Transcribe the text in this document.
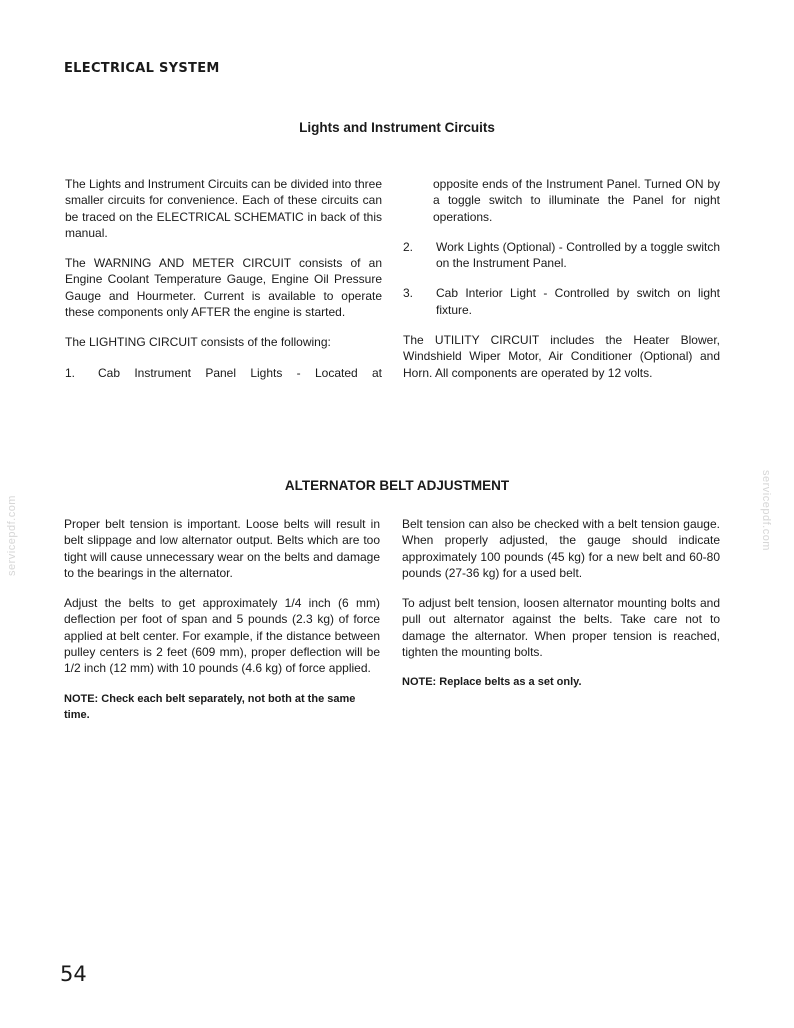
ELECTRICAL SYSTEM
Lights and Instrument Circuits

The Lights and Instrument Circuits can be divided into three smaller circuits for convenience. Each of these circuits can be traced on the ELECTRICAL SCHEMATIC in back of this manual.

The WARNING AND METER CIRCUIT consists of an Engine Coolant Temperature Gauge, Engine Oil Pressure Gauge and Hourmeter. Current is available to operate these components only AFTER the engine is started.

The LIGHTING CIRCUIT consists of the following:

1.	Cab Instrument Panel Lights - Located at

opposite ends of the Instrument Panel. Turned ON by a toggle switch to illuminate the Panel for night operations.

2.	Work Lights (Optional) - Controlled by a toggle switch on the Instrument Panel.
3.	Cab Interior Light - Controlled by switch on light fixture.

The UTILITY CIRCUIT includes the Heater Blower, Windshield Wiper Motor, Air Conditioner (Optional) and Horn. All components are operated by 12 volts.

ALTERNATOR BELT ADJUSTMENT

Proper belt tension is important. Loose belts will result in belt slippage and low alternator output. Belts which are too tight will cause unnecessary wear on the belts and damage to the bearings in the alternator.

Adjust the belts to get approximately 1/4 inch (6 mm) deflection per foot of span and 5 pounds (2.3 kg) of force applied at belt center. For example, if the distance between pulley centers is 2 feet (609 mm), proper deflection will be 1/2 inch (12 mm) with 10 pounds (4.6 kg) of force applied.

NOTE: Check each belt separately, not both at the same time.

Belt tension can also be checked with a belt tension gauge. When properly adjusted, the gauge should indicate approximately 100 pounds (45 kg) for a new belt and 60-80 pounds (27-36 kg) for a used belt.

To adjust belt tension, loosen alternator mounting bolts and pull out alternator against the belts. Take care not to damage the alternator. When proper tension is reached, tighten the mounting bolts.

NOTE: Replace belts as a set only.

servicepdf.com	servicepdf.com
54
